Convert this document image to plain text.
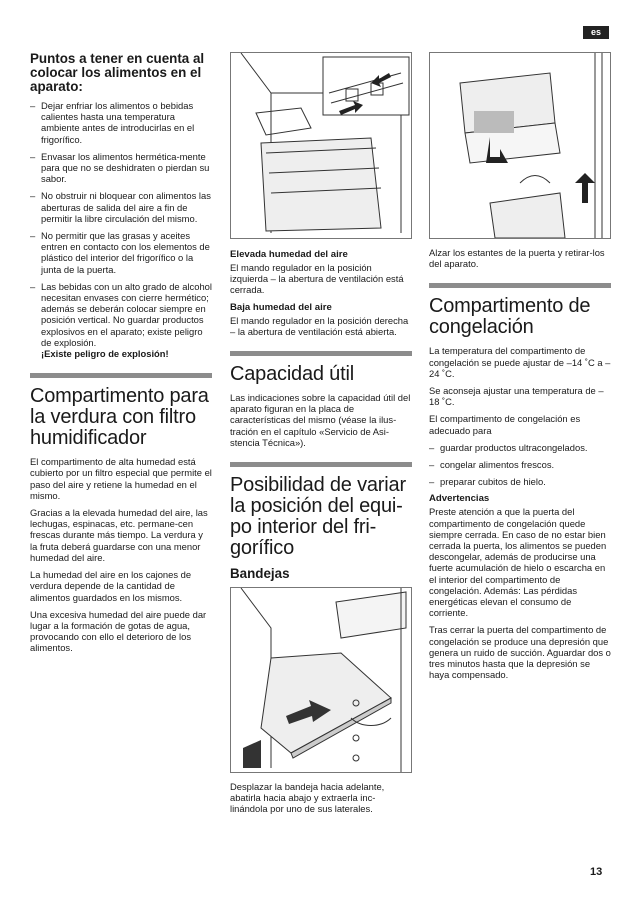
es
Puntos a tener en cuenta al colocar los alimentos en el aparato:
– Dejar enfriar los alimentos o bebidas calientes hasta una temperatura ambiente antes de introducirlas en el frigorífico.
– Envasar los alimentos hermética-mente para que no se deshidraten o pierdan su sabor.
– No obstruir ni bloquear con alimentos las aberturas de salida del aire a fin de permitir la libre circulación del mismo.
– No permitir que las grasas y aceites entren en contacto con los elementos de plástico del interior del frigorífico o la junta de la puerta.
– Las bebidas con un alto grado de alcohol necesitan envases con cierre hermético; además se deberán colocar siempre en posición vertical. No guardar productos explosivos en el aparato; existe peligro de explosión.
¡Existe peligro de explosión!
Compartimento para la verdura con filtro humidificador
El compartimento de alta humedad está cubierto por un filtro especial que permite el paso del aire y retiene la humedad en el mismo.
Gracias a la elevada humedad del aire, las lechugas, espinacas, etc. permane-cen frescas durante más tiempo. La verdura y la fruta deberá guardarse con una menor humedad del aire.
La humedad del aire en los cajones de verdura depende de la cantidad de alimentos guardados en los mismos.
Una excesiva humedad del aire puede dar lugar a la formación de gotas de agua, provocando con ello el deterioro de los alimentos.
Elevada humedad del aire
El mando regulador en la posición izquierda – la abertura de ventilación está cerrada.
Baja humedad del aire
El mando regulador en la posición derecha – la abertura de ventilación está abierta.
Capacidad útil
Las indicaciones sobre la capacidad útil del aparato figuran en la placa de características del mismo (véase la ilus-tración en el capítulo «Servicio de Asi-stencia Técnica»).
Posibilidad de variar la posición del equi-po interior del fri-gorífico
Bandejas
Desplazar la bandeja hacia adelante, abatirla hacia abajo y extraerla inc-linándola por uno de sus laterales.
Alzar los estantes de la puerta y retirar-los del aparato.
Compartimento de congelación
La temperatura del compartimento de congelación se puede ajustar de –14 ˚C a –24 ˚C.
Se aconseja ajustar una temperatura de –18 ˚C.
El compartimento de congelación es adecuado para
– guardar productos ultracongelados.
– congelar alimentos frescos.
– preparar cubitos de hielo.
Advertencias
Preste atención a que la puerta del compartimento de congelación quede siempre cerrada. En caso de no estar bien cerrada la puerta, los alimentos se pueden descongelar, además de producirse una fuerte acumulación de hielo o escarcha en el interior del compartimento de congelación. Además: Las pérdidas energéticas elevan el consumo de corriente.
Tras cerrar la puerta del compartimento de congelación se produce una depresión que genera un ruido de succión. Aguardar dos o tres minutos hasta que la depresión se haya compensado.
13
